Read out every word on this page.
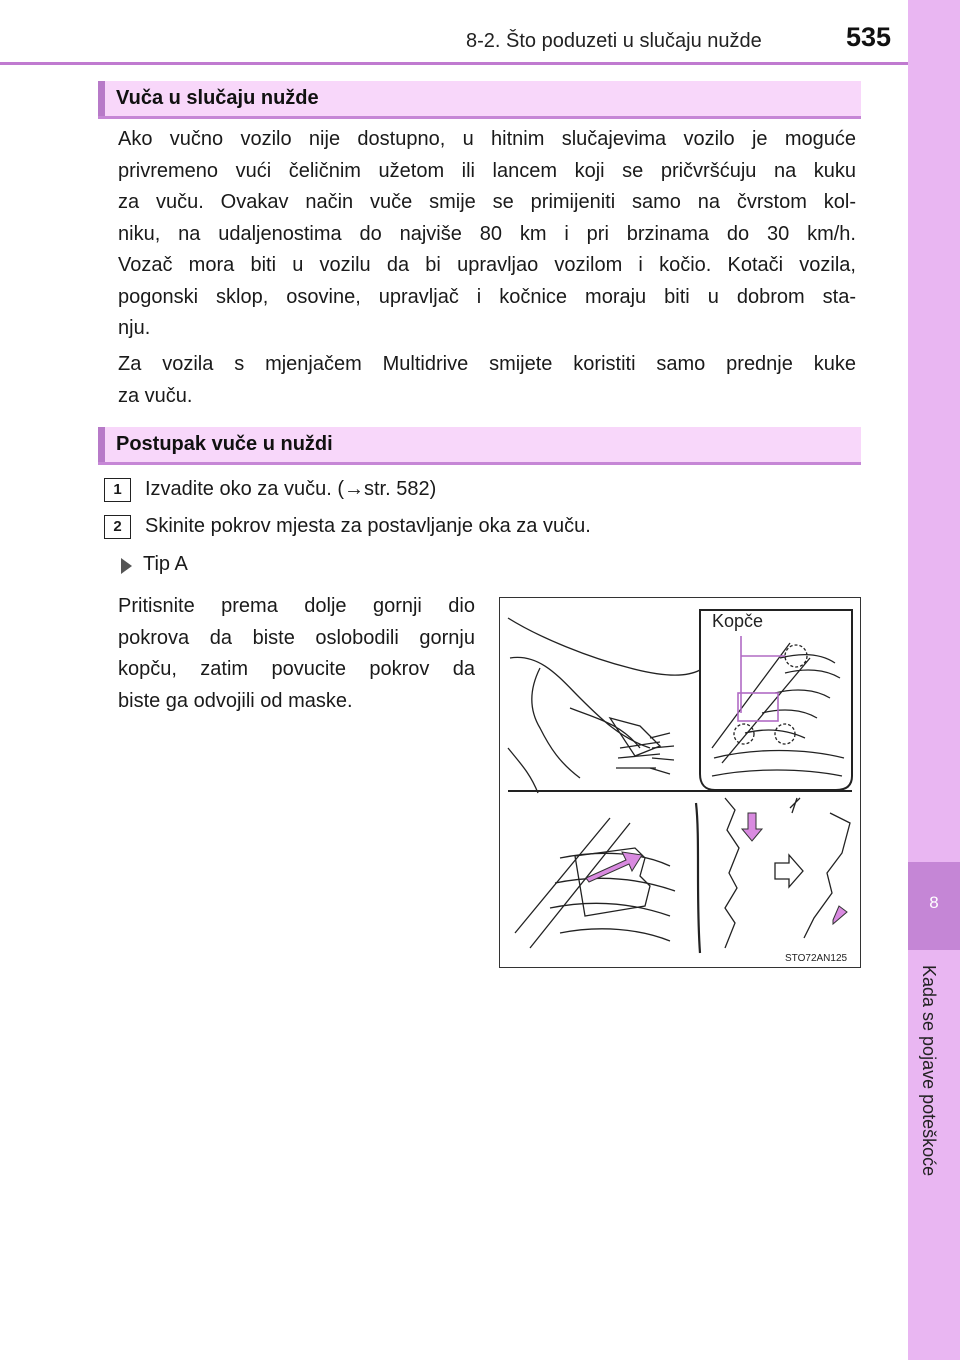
8-2. Što poduzeti u slučaju nužde	535
8
Kada se pojave poteškoće
Vuča u slučaju nužde
Ako vučno vozilo nije dostupno, u hitnim slučajevima vozilo je moguće
privremeno vući čeličnim užetom ili lancem koji se pričvršćuju na kuku
za vuču. Ovakav način vuče smije se primijeniti samo na čvrstom kol-
niku, na udaljenostima do najviše 80 km i pri brzinama do 30 km/h.
Vozač mora biti u vozilu da bi upravljao vozilom i kočio. Kotači vozila,
pogonski sklop, osovine, upravljač i kočnice moraju biti u dobrom sta-
nju.
Za vozila s mjenjačem Multidrive smijete koristiti samo prednje kuke
za vuču.
Postupak vuče u nuždi
1	Izvadite oko za vuču. (→str. 582)
2	Skinite pokrov mjesta za postavljanje oka za vuču.
Tip A
Pritisnite prema dolje gornji dio
pokrova da biste oslobodili gornju
kopču, zatim povucite pokrov da
biste ga odvojili od maske.
Kopče
STO72AN125
